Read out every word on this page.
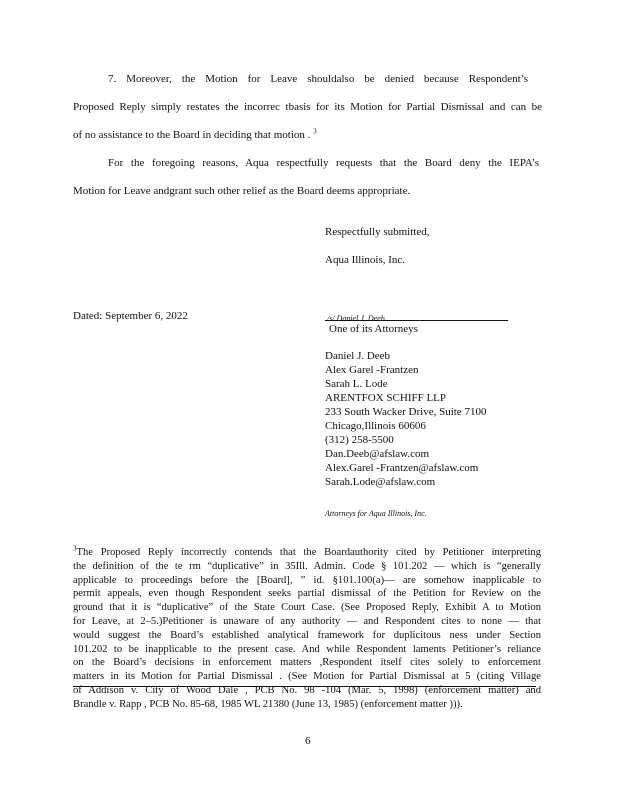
7. Moreover, the Motion for Leave shouldalso be denied because Respondent’s
Proposed Reply simply restates the incorrec tbasis for its Motion for Partial Dismissal and can be
of no assistance to the Board in deciding that motion . $^3$
For the foregoing reasons, Aqua respectfully requests that the Board deny the IEPA’s
Motion for Leave andgrant such other relief as the Board deems appropriate.
Respectfully submitted,
Aqua Illinois, Inc.
Dated: September 6, 2022	/s/ Daniel J. Deeb
One of its Attorneys
Daniel J. Deeb
Alex Garel -Frantzen
Sarah L. Lode
ARENTFOX SCHIFF LLP
233 South Wacker Drive, Suite 7100
Chicago,Illinois 60606
(312) 258-5500
Dan.Deeb@afslaw.com
Alex.Garel -Frantzen@afslaw.com
Sarah.Lode@afslaw.com
Attorneys for Aqua Illinois, Inc.
$^3$The Proposed Reply incorrectly contends that the Boardauthority cited by Petitioner interpreting
the definition of the te rm “duplicative” in 35Ill. Admin. Code § 101.202 — which is “generally
applicable to proceedings before the [Board], ” id. §101.100(a)— are somehow inapplicable to
permit appeals, even though Respondent seeks partial dismissal of the Petition for Review on the
ground that it is “duplicative” of the State Court Case. (See Proposed Reply, Exhibit A to Motion
for Leave, at 2–5.)Petitioner is unaware of any authority — and Respondent cites to none — that
would suggest the Board’s established analytical framework for duplicitous ness under Section
101.202 to be inapplicable to the present case. And while Respondent laments Petitioner’s reliance
on the Board’s decisions in enforcement matters ,Respondent itself cites solely to enforcement
matters in its Motion for Partial Dismissal . (See Motion for Partial Dismissal at 5 (citing Village
of Addison v. City of Wood Dale , PCB No. 98 -104 (Mar. 5, 1998) (enforcement matter) and
Brandle v. Rapp , PCB No. 85-68, 1985 WL 21380 (June 13, 1985) (enforcement matter ))).
6
